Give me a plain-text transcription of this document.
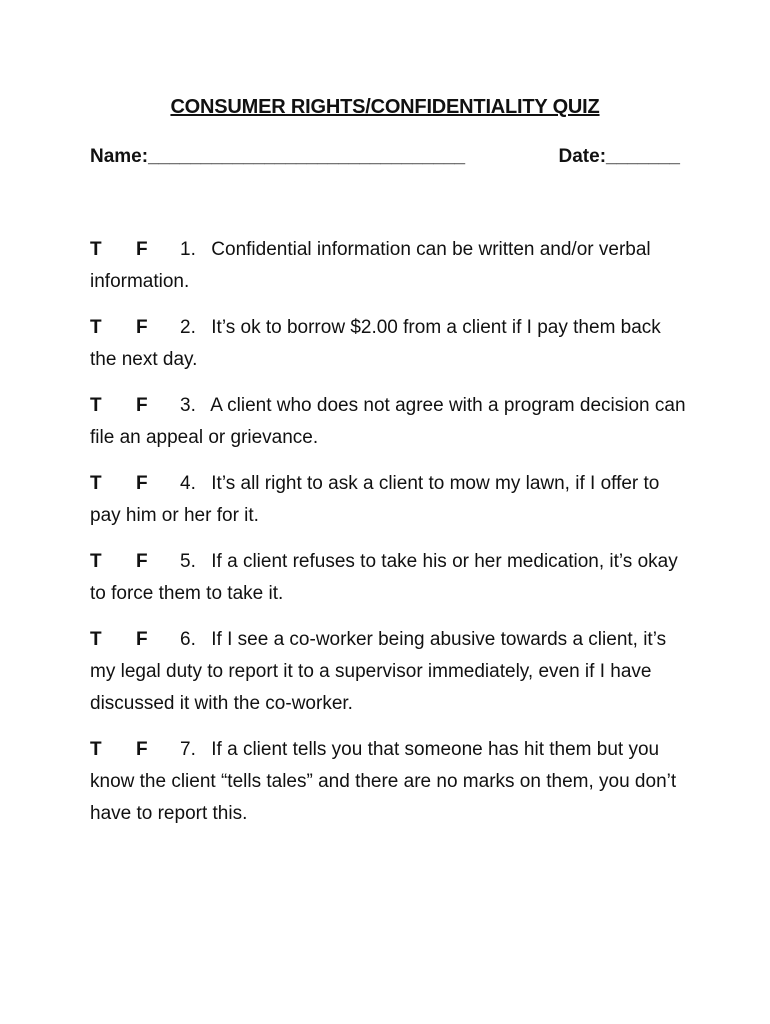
CONSUMER RIGHTS/CONFIDENTIALITY QUIZ
Name:______________________________	Date:_______

T F 1. Confidential information can be written and/or verbal information.

T F 2. It’s ok to borrow $2.00 from a client if I pay them back the next day.

T F 3. A client who does not agree with a program decision can file an appeal or grievance.

T F 4. It’s all right to ask a client to mow my lawn, if I offer to pay him or her for it.

T F 5. If a client refuses to take his or her medication, it’s okay to force them to take it.

T F 6. If I see a co-worker being abusive towards a client, it’s my legal duty to report it to a supervisor immediately, even if I have discussed it with the co-worker.

T F 7. If a client tells you that someone has hit them but you know the client “tells tales” and there are no marks on them, you don’t have to report this.
